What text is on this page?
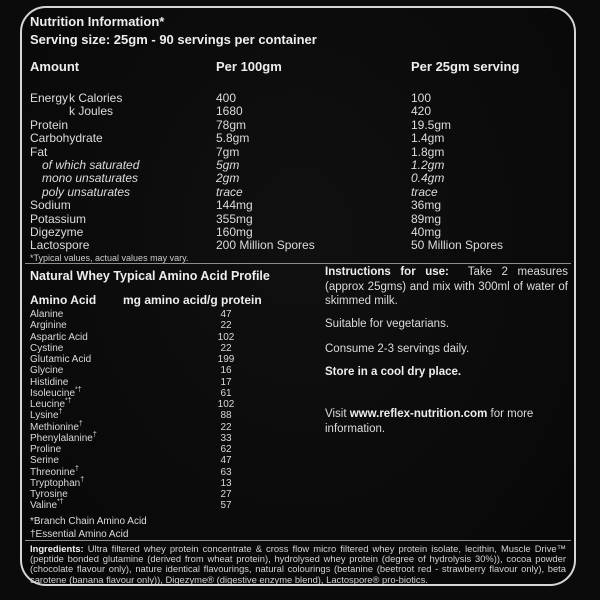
Nutrition Information*
Serving size: 25gm - 90 servings per container
Amount	Per 100gm	Per 25gm serving
Energy k Calories	400	100
k Joules	1680	420
Protein	78gm	19.5gm
Carbohydrate	5.8gm	1.4gm
Fat	7gm	1.8gm
of which saturated	5gm	1.2gm
mono unsaturates	2gm	0.4gm
poly unsaturates	trace	trace
Sodium	144mg	36mg
Potassium	355mg	89mg
Digezyme	160mg	40mg
Lactospore	200 Million Spores	50 Million Spores
*Typical values, actual values may vary.
Natural Whey Typical Amino Acid Profile
Amino Acid mg amino acid/g protein
Alanine	47
Arginine	22
Aspartic Acid	102
Cystine	22
Glutamic Acid	199
Glycine	16
Histidine	17
Isoleucine*†	61
Leucine*†	102
Lysine†	88
Methionine†	22
Phenylalanine†	33
Proline	62
Serine	47
Threonine†	63
Tryptophan†	13
Tyrosine	27
Valine*†	57
*Branch Chain Amino Acid
†Essential Amino Acid

Instructions for use:  Take 2 measures (approx 25gms) and mix with 300ml of water of skimmed milk.

Suitable for vegetarians.

Consume 2-3 servings daily.

Store in a cool dry place.

Visit www.reflex-nutrition.com for more information.

Ingredients: Ultra filtered whey protein concentrate & cross flow micro filtered whey protein isolate, lecithin, Muscle Drive™ (peptide bonded glutamine (derived from wheat protein), hydrolysed whey protein (degree of hydrolysis 30%)), cocoa powder (chocolate flavour only), nature identical flavourings, natural colourings (betanine (beetroot red - strawberry flavour only), beta carotene (banana flavour only)), Digezyme® (digestive enzyme blend), Lactospore® pro-biotics.
